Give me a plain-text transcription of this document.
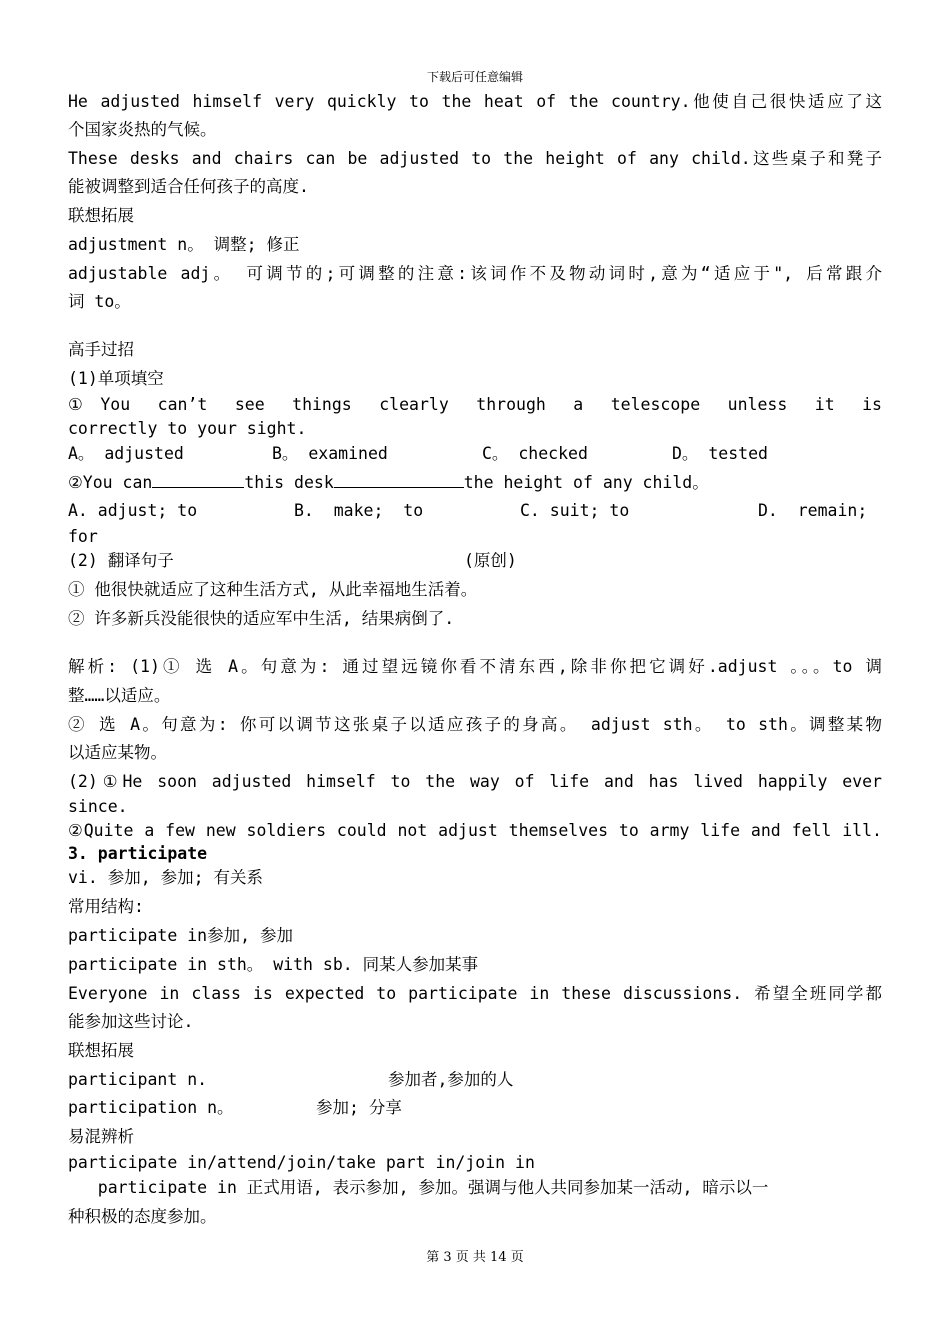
下载后可任意编辑
He adjusted himself very quickly to the heat of the country.他使自己很快适应了这
个国家炎热的气候。
These desks and chairs can be adjusted to the height of any child.这些桌子和凳子
能被调整到适合任何孩子的高度.
联想拓展
adjustment n。 调整; 修正
adjustable adj。 可调节的;可调整的注意:该词作不及物动词时,意为“适应于", 后常跟介
词 to。
高手过招
(1)单项填空
①You can’t see things clearly through a telescope unless it is
correctly to your sight.
A。 adjusted	B。 examined	C。 checked	D。 tested
②You can	this desk	the height of any child。
A. adjust; to	B.  make;  to	C. suit; to	D.  remain;
for
(2) 翻译句子	(原创)
① 他很快就适应了这种生活方式, 从此幸福地生活着。
② 许多新兵没能很快的适应军中生活, 结果病倒了.
解析: (1)① 选 A。句意为: 通过望远镜你看不清东西,除非你把它调好.adjust 。。。to 调
整……以适应。
② 选 A。句意为: 你可以调节这张桌子以适应孩子的身高。 adjust sth。 to sth。调整某物
以适应某物。
(2)①He soon adjusted himself to the way of life and has lived happily ever
since.
②Quite a few new soldiers could not adjust themselves to army life and fell ill.
3. participate
vi. 参加, 参加; 有关系
常用结构:
participate in参加, 参加
participate in sth。 with sb. 同某人参加某事
Everyone in class is expected to participate in these discussions. 希望全班同学都
能参加这些讨论.
联想拓展
participant n.	参加者,参加的人
participation n。	参加; 分享
易混辨析
participate in/attend/join/take part in/join in
participate in 正式用语, 表示参加, 参加。强调与他人共同参加某一活动, 暗示以一
种积极的态度参加。
第 3 页 共 14 页
